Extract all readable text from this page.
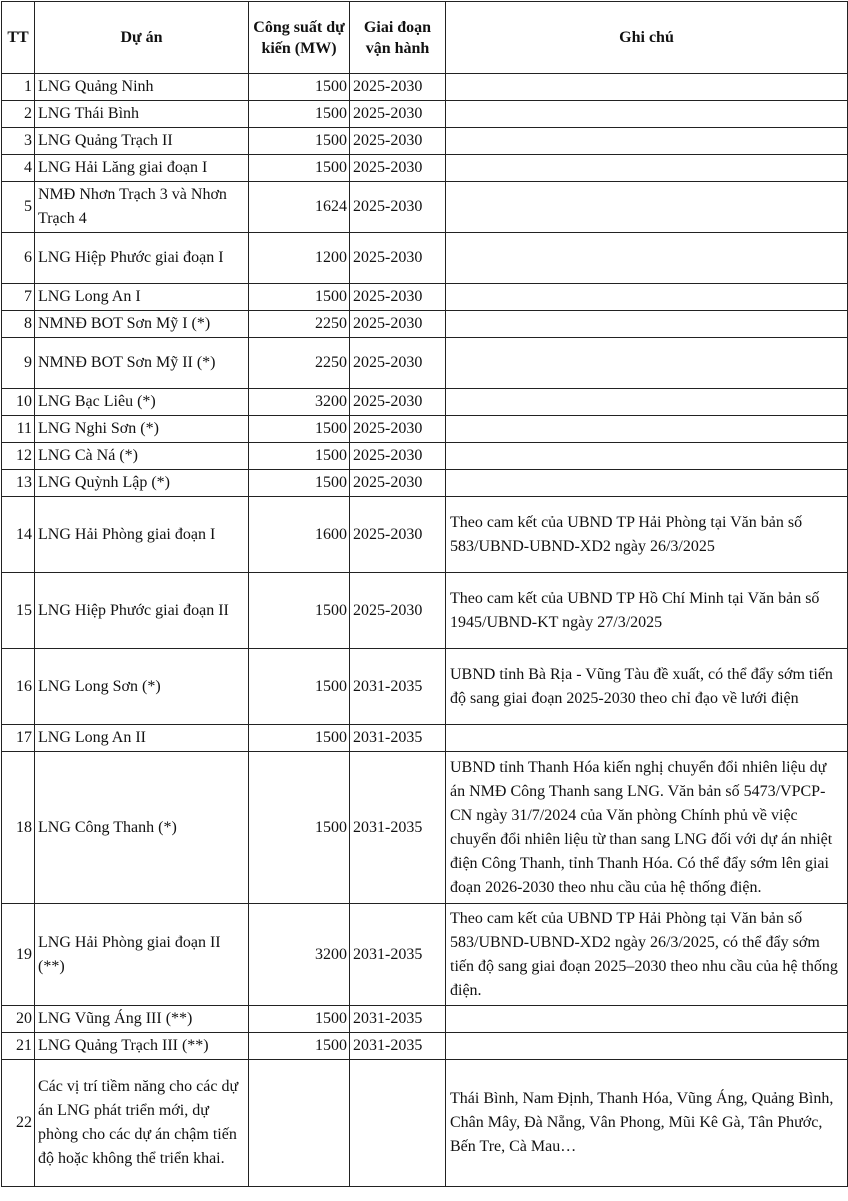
TT	Dự án	Công suất dự kiến (MW)	Giai đoạn vận hành	Ghi chú
1	LNG Quảng Ninh	1500	2025-2030	
2	LNG Thái Bình	1500	2025-2030	
3	LNG Quảng Trạch II	1500	2025-2030	
4	LNG Hải Lăng giai đoạn I	1500	2025-2030	
5	NMĐ Nhơn Trạch 3 và Nhơn Trạch 4	1624	2025-2030	
6	LNG Hiệp Phước giai đoạn I	1200	2025-2030	
7	LNG Long An I	1500	2025-2030	
8	NMNĐ BOT Sơn Mỹ I (*)	2250	2025-2030	
9	NMNĐ BOT Sơn Mỹ II (*)	2250	2025-2030	
10	LNG Bạc Liêu (*)	3200	2025-2030	
11	LNG Nghi Sơn (*)	1500	2025-2030	
12	LNG Cà Ná (*)	1500	2025-2030	
13	LNG Quỳnh Lập (*)	1500	2025-2030	
14	LNG Hải Phòng giai đoạn I	1600	2025-2030	Theo cam kết của UBND TP Hải Phòng tại Văn bản số 583/UBND-UBND-XD2 ngày 26/3/2025
15	LNG Hiệp Phước giai đoạn II	1500	2025-2030	Theo cam kết của UBND TP Hồ Chí Minh tại Văn bản số 1945/UBND-KT ngày 27/3/2025
16	LNG Long Sơn (*)	1500	2031-2035	UBND tỉnh Bà Rịa - Vũng Tàu đề xuất, có thể đẩy sớm tiến độ sang giai đoạn 2025-2030 theo chỉ đạo về lưới điện
17	LNG Long An II	1500	2031-2035	
18	LNG Công Thanh (*)	1500	2031-2035	UBND tỉnh Thanh Hóa kiến nghị chuyển đổi nhiên liệu dự án NMĐ Công Thanh sang LNG. Văn bản số 5473/VPCP-CN ngày 31/7/2024 của Văn phòng Chính phủ về việc chuyển đổi nhiên liệu từ than sang LNG đối với dự án nhiệt điện Công Thanh, tỉnh Thanh Hóa. Có thể đẩy sớm lên giai đoạn 2026-2030 theo nhu cầu của hệ thống điện.
19	LNG Hải Phòng giai đoạn II (**)	3200	2031-2035	Theo cam kết của UBND TP Hải Phòng tại Văn bản số 583/UBND-UBND-XD2 ngày 26/3/2025, có thể đẩy sớm tiến độ sang giai đoạn 2025–2030 theo nhu cầu của hệ thống điện.
20	LNG Vũng Áng III (**)	1500	2031-2035	
21	LNG Quảng Trạch III (**)	1500	2031-2035	
22	Các vị trí tiềm năng cho các dự án LNG phát triển mới, dự phòng cho các dự án chậm tiến độ hoặc không thể triển khai.			Thái Bình, Nam Định, Thanh Hóa, Vũng Áng, Quảng Bình, Chân Mây, Đà Nẵng, Vân Phong, Mũi Kê Gà, Tân Phước, Bến Tre, Cà Mau…
